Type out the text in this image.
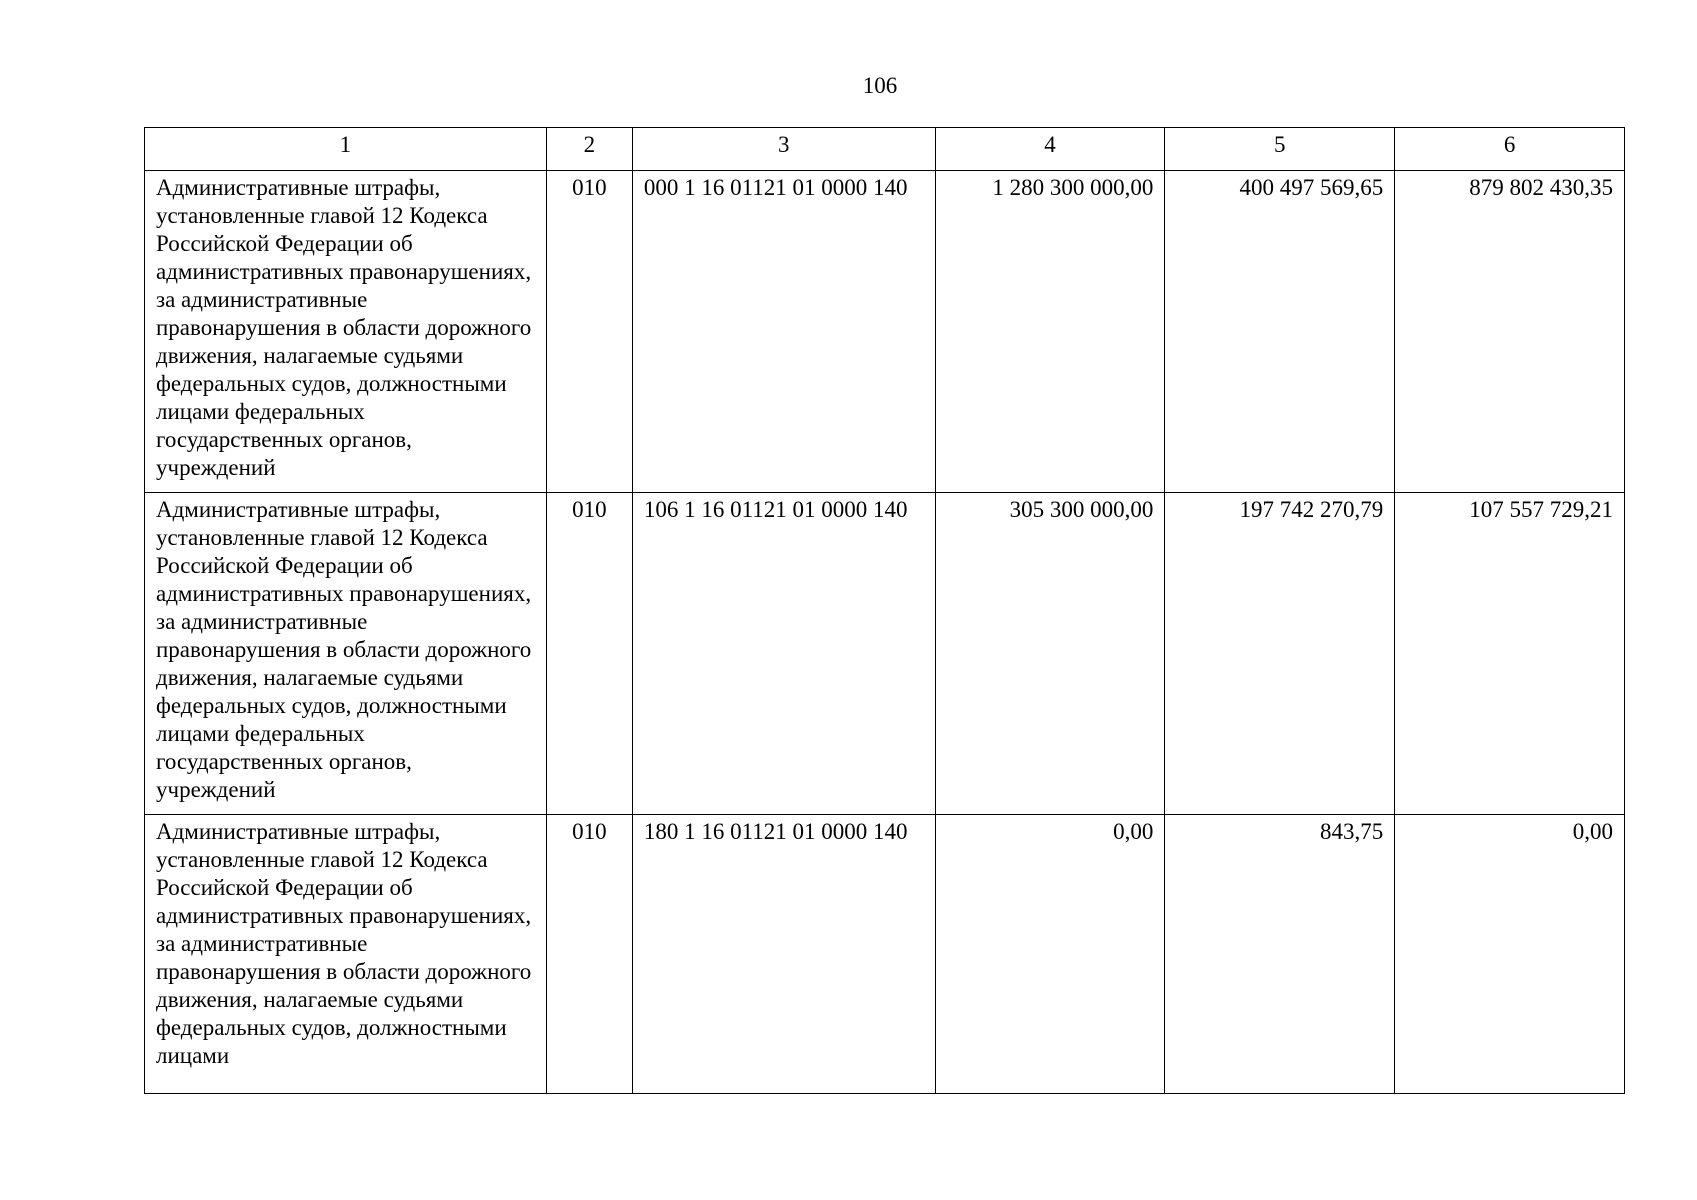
106
1	2	3	4	5	6
Административные штрафы, установленные главой 12 Кодекса Российской Федерации об административных правонарушениях, за административные правонарушения в области дорожного движения, налагаемые судьями федеральных судов, должностными лицами федеральных государственных органов, учреждений	010	000 1 16 01121 01 0000 140	1 280 300 000,00	400 497 569,65	879 802 430,35
Административные штрафы, установленные главой 12 Кодекса Российской Федерации об административных правонарушениях, за административные правонарушения в области дорожного движения, налагаемые судьями федеральных судов, должностными лицами федеральных государственных органов, учреждений	010	106 1 16 01121 01 0000 140	305 300 000,00	197 742 270,79	107 557 729,21
Административные штрафы, установленные главой 12 Кодекса Российской Федерации об административных правонарушениях, за административные правонарушения в области дорожного движения, налагаемые судьями федеральных судов, должностными лицами	010	180 1 16 01121 01 0000 140	0,00	843,75	0,00
